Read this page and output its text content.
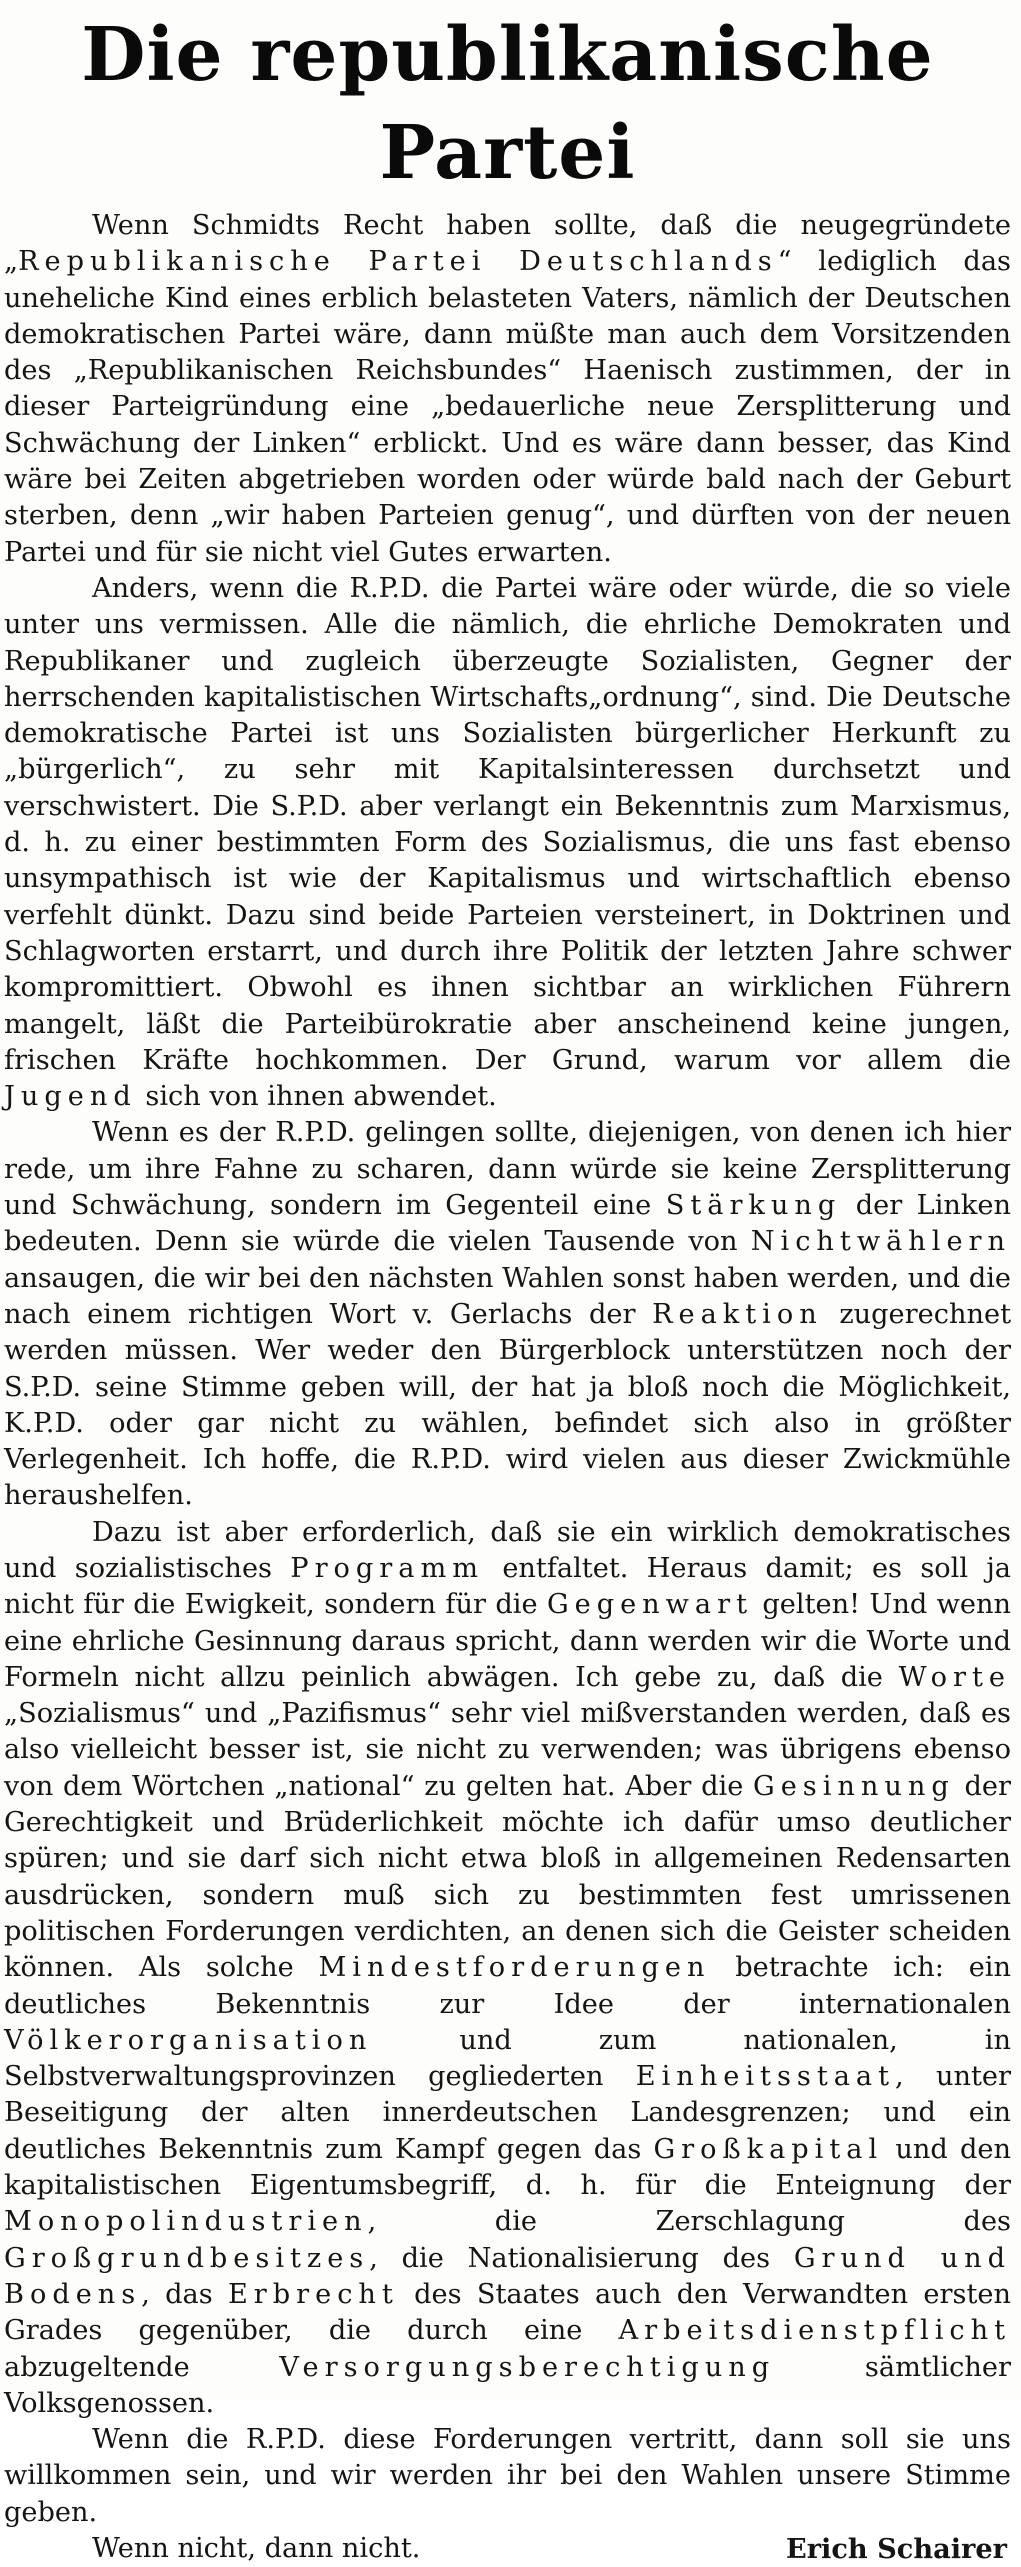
Die republikanische Partei

Wenn Schmidts Recht haben sollte, daß die neugegründete „Republikanische Partei Deutschlands“ lediglich das uneheliche Kind eines erblich belasteten Vaters, nämlich der Deutschen demokratischen Partei wäre, dann müßte man auch dem Vorsitzenden des „Republikanischen Reichsbundes“ Haenisch zustimmen, der in dieser Parteigründung eine „bedauerliche neue Zersplitterung und Schwächung der Linken“ erblickt. Und es wäre dann besser, das Kind wäre bei Zeiten abgetrieben worden oder würde bald nach der Geburt sterben, denn „wir haben Parteien genug“, und dürften von der neuen Partei und für sie nicht viel Gutes erwarten.

Anders, wenn die R.P.D. die Partei wäre oder würde, die so viele unter uns vermissen. Alle die nämlich, die ehrliche Demokraten und Republikaner und zugleich überzeugte Sozialisten, Gegner der herrschenden kapitalistischen Wirtschafts„ordnung“, sind. Die Deutsche demokratische Partei ist uns Sozialisten bürgerlicher Herkunft zu „bürgerlich“, zu sehr mit Kapitalsinteressen durchsetzt und verschwistert. Die S.P.D. aber verlangt ein Bekenntnis zum Marxismus, d. h. zu einer bestimmten Form des Sozialismus, die uns fast ebenso unsympathisch ist wie der Kapitalismus und wirtschaftlich ebenso verfehlt dünkt. Dazu sind beide Parteien versteinert, in Doktrinen und Schlagworten erstarrt, und durch ihre Politik der letzten Jahre schwer kompromittiert. Obwohl es ihnen sichtbar an wirklichen Führern mangelt, läßt die Parteibürokratie aber anscheinend keine jungen, frischen Kräfte hochkommen. Der Grund, warum vor allem die Jugend sich von ihnen abwendet.

Wenn es der R.P.D. gelingen sollte, diejenigen, von denen ich hier rede, um ihre Fahne zu scharen, dann würde sie keine Zersplitterung und Schwächung, sondern im Gegenteil eine Stärkung der Linken bedeuten. Denn sie würde die vielen Tausende von Nichtwählern ansaugen, die wir bei den nächsten Wahlen sonst haben werden, und die nach einem richtigen Wort v. Gerlachs der Reaktion zugerechnet werden müssen. Wer weder den Bürgerblock unterstützen noch der S.P.D. seine Stimme geben will, der hat ja bloß noch die Möglichkeit, K.P.D. oder gar nicht zu wählen, befindet sich also in größter Verlegenheit. Ich hoffe, die R.P.D. wird vielen aus dieser Zwickmühle heraushelfen.

Dazu ist aber erforderlich, daß sie ein wirklich demokratisches und sozialistisches Programm entfaltet. Heraus damit; es soll ja nicht für die Ewigkeit, sondern für die Gegenwart gelten! Und wenn eine ehrliche Gesinnung daraus spricht, dann werden wir die Worte und Formeln nicht allzu peinlich abwägen. Ich gebe zu, daß die Worte „Sozialismus“ und „Pazifismus“ sehr viel mißverstanden werden, daß es also vielleicht besser ist, sie nicht zu verwenden; was übrigens ebenso von dem Wörtchen „national“ zu gelten hat. Aber die Gesinnung der Gerechtigkeit und Brüderlichkeit möchte ich dafür umso deutlicher spüren; und sie darf sich nicht etwa bloß in allgemeinen Redensarten ausdrücken, sondern muß sich zu bestimmten fest umrissenen politischen Forderungen verdichten, an denen sich die Geister scheiden können. Als solche Mindestforderungen betrachte ich: ein deutliches Bekenntnis zur Idee der internationalen Völkerorganisation und zum nationalen, in Selbstverwaltungsprovinzen gegliederten Einheitsstaat, unter Beseitigung der alten innerdeutschen Landesgrenzen; und ein deutliches Bekenntnis zum Kampf gegen das Großkapital und den kapitalistischen Eigentumsbegriff, d. h. für die Enteignung der Monopolindustrien, die Zerschlagung des Großgrundbesitzes, die Nationalisierung des Grund und Bodens, das Erbrecht des Staates auch den Verwandten ersten Grades gegenüber, die durch eine Arbeitsdienstpflicht abzugeltende Versorgungsberechtigung sämtlicher Volksgenossen.

Wenn die R.P.D. diese Forderungen vertritt, dann soll sie uns willkommen sein, und wir werden ihr bei den Wahlen unsere Stimme geben.

Wenn nicht, dann nicht.	Erich Schairer
